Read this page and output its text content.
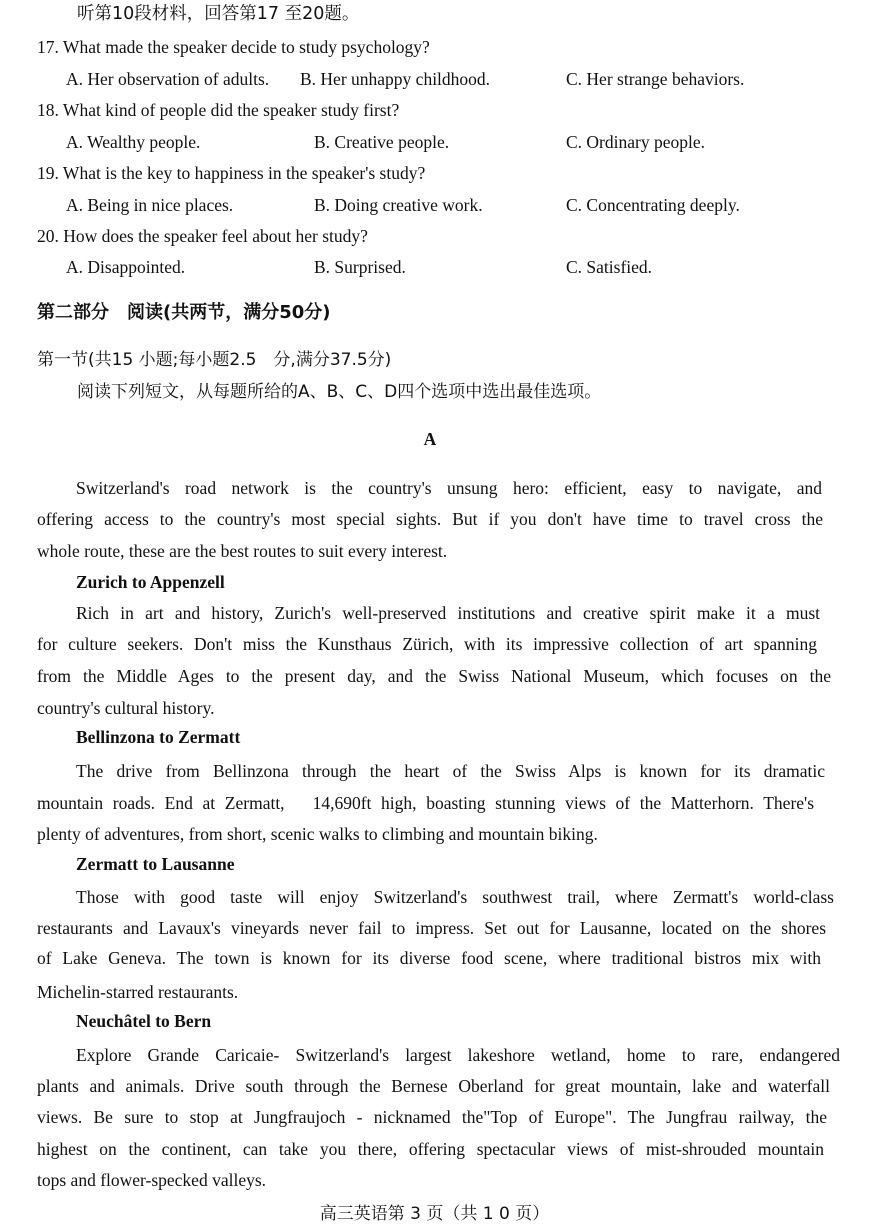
听第10段材料，回答第17 至20题。
17. What made the speaker decide to study psychology?
A. Her observation of adults. B. Her unhappy childhood.	C. Her strange behaviors.
18. What kind of people did the speaker study first?
A. Wealthy people.	B. Creative people.	C. Ordinary people.
19. What is the key to happiness in the speaker's study?
A. Being in nice places.	B. Doing creative work.	C. Concentrating deeply.
20. How does the speaker feel about her study?
A. Disappointed.	B. Surprised.	C. Satisfied.
第二部分　阅读(共两节，满分50分)
第一节(共15 小题;每小题2.5　分,满分37.5分)
阅读下列短文，从每题所给的A、B、C、D四个选项中选出最佳选项。
A
Switzerland's road network is the country's unsung hero: efficient, easy to navigate, and
offering access to the country's most special sights. But if you don't have time to travel cross the
whole route, these are the best routes to suit every interest.
Zurich to Appenzell
Rich in art and history, Zurich's well-preserved institutions and creative spirit make it a must
for culture seekers. Don't miss the Kunsthaus Zürich, with its impressive collection of art spanning
from the Middle Ages to the present day, and the Swiss National Museum, which focuses on the
country's cultural history.
Bellinzona to Zermatt
The drive from Bellinzona through the heart of the Swiss Alps is known for its dramatic
mountain roads. End at Zermatt,　14,690ft high, boasting stunning views of the Matterhorn. There's
plenty of adventures, from short, scenic walks to climbing and mountain biking.
Zermatt to Lausanne
Those with good taste will enjoy Switzerland's southwest trail, where Zermatt's world-class
restaurants and Lavaux's vineyards never fail to impress. Set out for Lausanne, located on the shores
of Lake Geneva. The town is known for its diverse food scene, where traditional bistros mix with
Michelin-starred restaurants.
Neuchâtel to Bern
Explore Grande Caricaie- Switzerland's largest lakeshore wetland, home to rare, endangered
plants and animals. Drive south through the Bernese Oberland for great mountain, lake and waterfall
views. Be sure to stop at Jungfraujoch - nicknamed the"Top of Europe". The Jungfrau railway, the
highest on the continent, can take you there, offering spectacular views of mist-shrouded mountain
tops and flower-specked valleys.
高三英语第 3 页（共 1 0 页）
